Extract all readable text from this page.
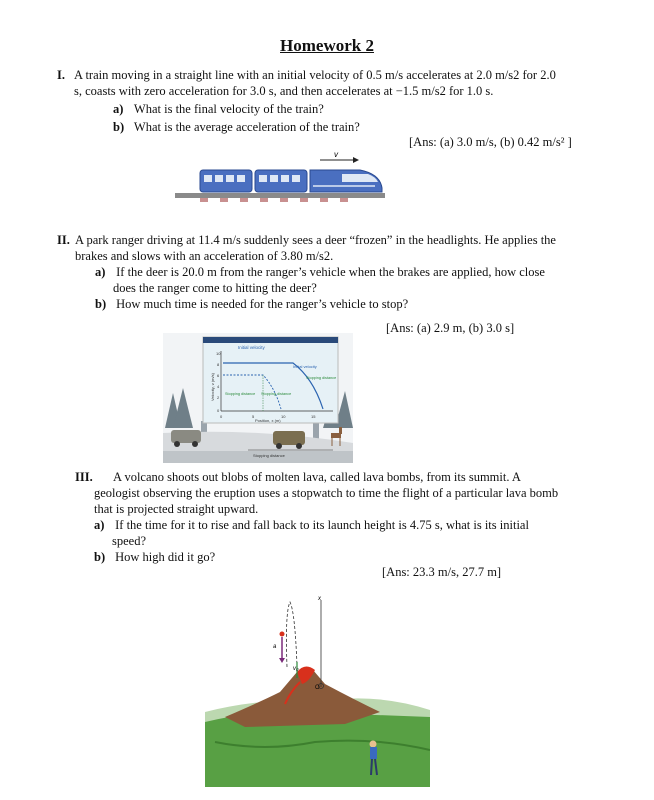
Homework 2
I. A train moving in a straight line with an initial velocity of 0.5 m/s accelerates at 2.0 m/s2 for 2.0
s, coasts with zero acceleration for 3.0 s, and then accelerates at −1.5 m/s2 for 1.0 s.
a) What is the final velocity of the train?
b) What is the average acceleration of the train?
[Ans: (a) 3.0 m/s, (b) 0.42 m/s² ]
v
II. A park ranger driving at 11.4 m/s suddenly sees a deer “frozen” in the headlights. He applies the
brakes and slows with an acceleration of 3.80 m/s2.
a) If the deer is 20.0 m from the ranger’s vehicle when the brakes are applied, how close
does the ranger come to hitting the deer?
b) How much time is needed for the ranger’s vehicle to stop?
[Ans: (a) 2.9 m, (b) 3.0 s]
Initial velocity
Velocity, v (m/s)
10
8
6
4
2
0
0	5	10	15
Position, x (m)
Initial velocity
Stopping distance
Stopping distance Stopping distance
Stopping distance
III. A volcano shoots out blobs of molten lava, called lava bombs, from its summit. A
geologist observing the eruption uses a stopwatch to time the flight of a particular lava bomb
that is projected straight upward.
a) If the time for it to rise and fall back to its launch height is 4.75 s, what is its initial
speed?
b) How high did it go?
[Ans: 23.3 m/s, 27.7 m]
x
O
a
v₀
